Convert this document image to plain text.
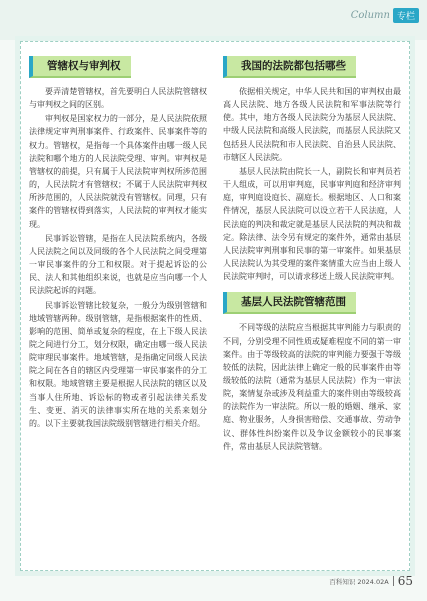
Column 专栏
管辖权与审判权

要弄清楚管辖权，首先要明白人民法院管辖权与审判权之间的区别。

审判权是国家权力的一部分，是人民法院依照法律规定审判刑事案件、行政案件、民事案件等的权力。管辖权，是指每一个具体案件由哪一级人民法院和哪个地方的人民法院受理、审判。审判权是管辖权的前提，只有属于人民法院审判权所涉范围的，人民法院才有管辖权；不属于人民法院审判权所涉范围的，人民法院就没有管辖权。同理，只有案件的管辖权得到落实，人民法院的审判权才能实现。

民事诉讼管辖，是指在人民法院系统内，各级人民法院之间以及同级的各个人民法院之间受理第一审民事案件的分工和权限。对于提起诉讼的公民、法人和其他组织来说，也就是应当向哪一个人民法院起诉的问题。

民事诉讼管辖比较复杂，一般分为级别管辖和地域管辖两种。级别管辖，是指根据案件的性质、影响的范围、简单或复杂的程度，在上下级人民法院之间进行分工，划分权限，确定由哪一级人民法院审理民事案件。地域管辖，是指确定同级人民法院之间在各自的辖区内受理第一审民事案件的分工和权限。地域管辖主要是根据人民法院的辖区以及当事人住所地、诉讼标的物或者引起法律关系发生、变更、消灭的法律事实所在地的关系来划分的。以下主要就我国法院级别管辖进行相关介绍。

我国的法院都包括哪些

依据相关规定，中华人民共和国的审判权由最高人民法院、地方各级人民法院和军事法院等行使。其中，地方各级人民法院分为基层人民法院、中级人民法院和高级人民法院，而基层人民法院又包括县人民法院和市人民法院、自治县人民法院、市辖区人民法院。

基层人民法院由院长一人，副院长和审判员若干人组成，可以用审判庭，民事审判庭和经济审判庭，审判庭设庭长、副庭长。根据地区、人口和案件情况，基层人民法院可以设立若干人民法庭，人民法庭的判决和裁定就是基层人民法院的判决和裁定。除法律、法令另有规定的案件外，通常由基层人民法院审判刑事和民事的第一审案件。如果基层人民法院认为其受理的案件案情重大应当由上级人民法院审判时，可以请求移送上级人民法院审判。

基层人民法院管辖范围

不同等级的法院应当根据其审判能力与职责的不同，分别受理不同性质或疑难程度不同的第一审案件。由于等级较高的法院的审判能力要强于等级较低的法院，因此法律上确定一般的民事案件由等级较低的法院（通常为基层人民法院）作为一审法院，案情复杂或涉及利益重大的案件则由等级较高的法院作为一审法院。所以一般的婚姻、继承、家庭、物业服务，人身损害赔偿、交通事故、劳动争议、群体性纠纷案件以及争议金额较小的民事案件，常由基层人民法院管辖。

百科知识 2024.02A 65
